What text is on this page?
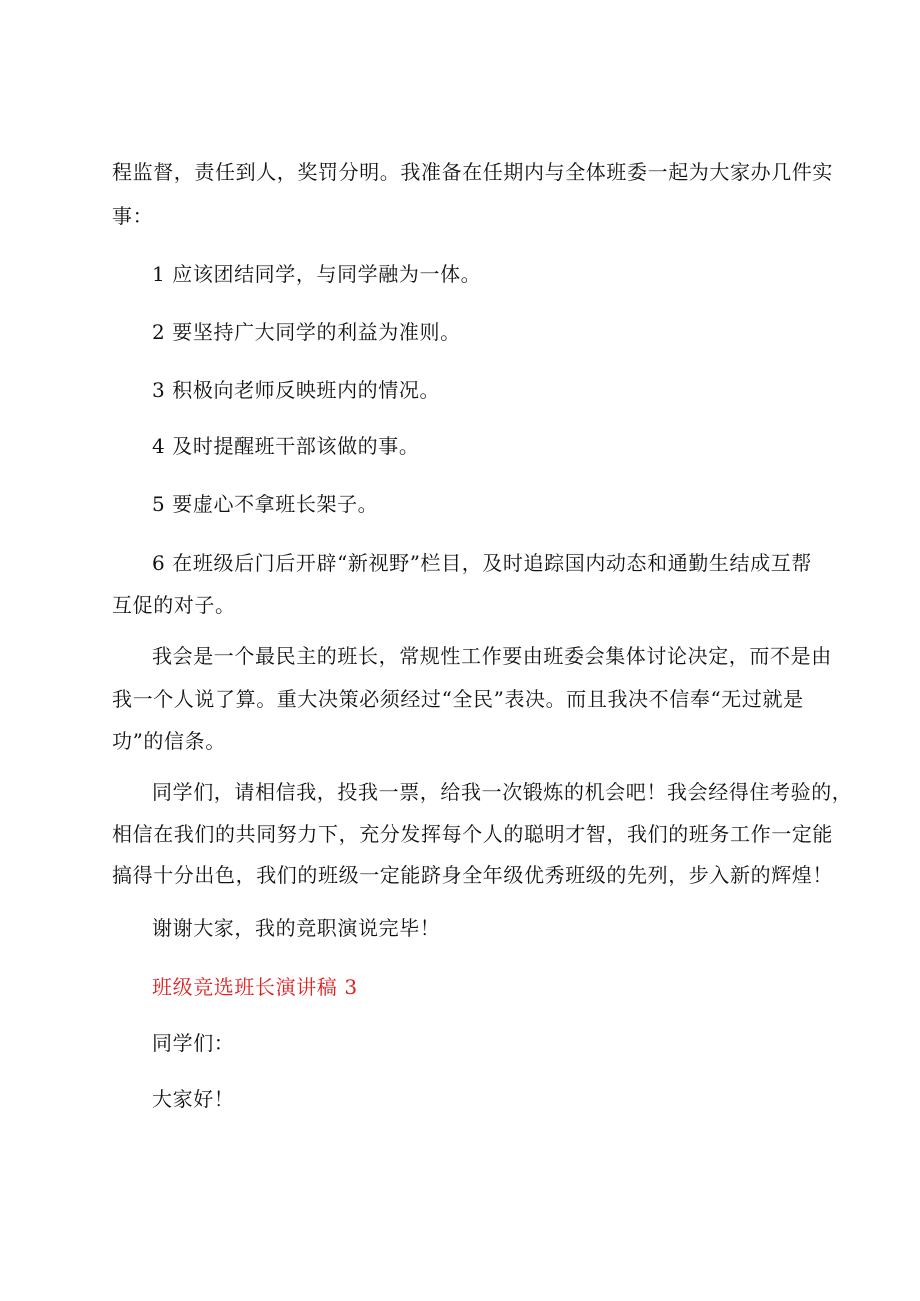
程监督，责任到人，奖罚分明。我准备在任期内与全体班委一起为大家办几件实

事：

1 应该团结同学，与同学融为一体。

2 要坚持广大同学的利益为准则。

3 积极向老师反映班内的情况。

4 及时提醒班干部该做的事。

5 要虚心不拿班长架子。

6 在班级后门后开辟“新视野”栏目，及时追踪国内动态和通勤生结成互帮

互促的对子。

我会是一个最民主的班长，常规性工作要由班委会集体讨论决定，而不是由

我一个人说了算。重大决策必须经过“全民”表决。而且我决不信奉“无过就是

功”的信条。

同学们，请相信我，投我一票，给我一次锻炼的机会吧！我会经得住考验的，

相信在我们的共同努力下，充分发挥每个人的聪明才智，我们的班务工作一定能

搞得十分出色，我们的班级一定能跻身全年级优秀班级的先列，步入新的辉煌！

谢谢大家，我的竞职演说完毕！

班级竞选班长演讲稿 3

同学们：

大家好！
